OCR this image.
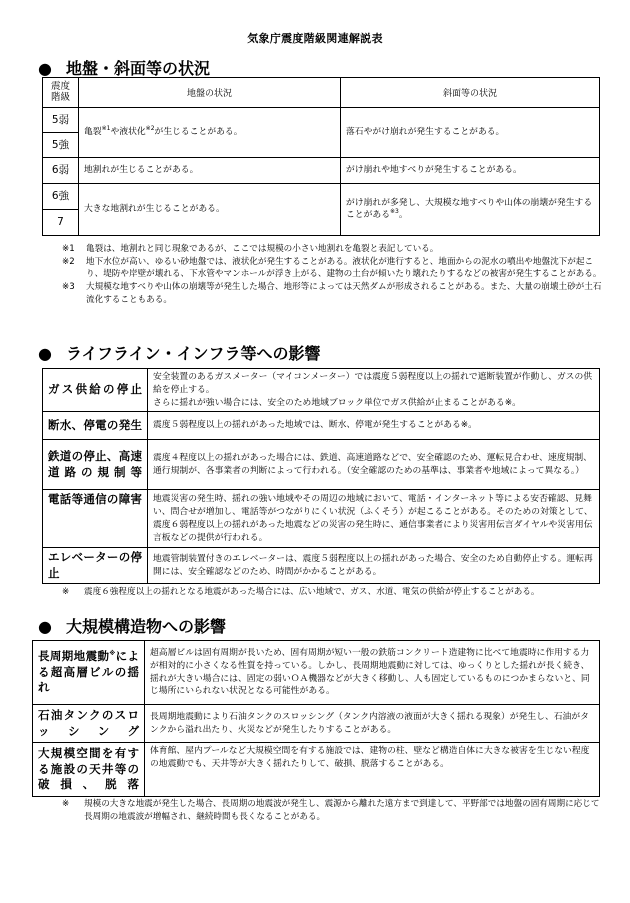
気象庁震度階級関連解説表
● 地盤・斜面等の状況
震度
階級	地盤の状況	斜面等の状況
5弱	亀裂$^{※1}$や液状化$^{※2}$が生じることがある。	落石やがけ崩れが発生することがある。
5強		
6弱	地割れが生じることがある。	がけ崩れや地すべりが発生することがある。
6強	大きな地割れが生じることがある。	がけ崩れが多発し、大規模な地すべりや山体の崩壊が発生することがある$^{※3}$。
7		
※1	亀裂は、地割れと同じ現象であるが、ここでは規模の小さい地割れを亀裂と表記している。
※2	地下水位が高い、ゆるい砂地盤では、液状化が発生することがある。液状化が進行すると、地面からの泥水の噴出や地盤沈下が起こり、堤防や岸壁が壊れる、下水管やマンホールが浮き上がる、建物の土台が傾いたり壊れたりするなどの被害が発生することがある。
※3	大規模な地すべりや山体の崩壊等が発生した場合、地形等によっては天然ダムが形成されることがある。また、大量の崩壊土砂が土石流化することもある。
● ライフライン・インフラ等への影響
ガス供給の停止	安全装置のあるガスメーター（マイコンメーター）では震度５弱程度以上の揺れで遮断装置が作動し、ガスの供給を停止する。
さらに揺れが強い場合には、安全のため地域ブロック単位でガス供給が止まることがある※。
断水、停電の発生	震度５弱程度以上の揺れがあった地域では、断水、停電が発生することがある※。
鉄道の停止、高速道路の規制等	震度４程度以上の揺れがあった場合には、鉄道、高速道路などで、安全確認のため、運転見合わせ、速度規制、通行規制が、各事業者の判断によって行われる。（安全確認のための基準は、事業者や地域によって異なる。）
電話等通信の障害	地震災害の発生時、揺れの強い地域やその周辺の地域において、電話・インターネット等による安否確認、見舞い、問合せが増加し、電話等がつながりにくい状況（ふくそう）が起こることがある。そのための対策として、震度６弱程度以上の揺れがあった地震などの災害の発生時に、通信事業者により災害用伝言ダイヤルや災害用伝言板などの提供が行われる。
エレベーターの停止	地震管制装置付きのエレベーターは、震度５弱程度以上の揺れがあった場合、安全のため自動停止する。運転再開には、安全確認などのため、時間がかかることがある。
※	震度６強程度以上の揺れとなる地震があった場合には、広い地域で、ガス、水道、電気の供給が停止することがある。
● 大規模構造物への影響
長周期地震動※による超高層ビルの揺れ	超高層ビルは固有周期が長いため、固有周期が短い一般の鉄筋コンクリート造建物に比べて地震時に作用する力が相対的に小さくなる性質を持っている。しかし、長周期地震動に対しては、ゆっくりとした揺れが長く続き、揺れが大きい場合には、固定の弱いＯＡ機器などが大きく移動し、人も固定しているものにつかまらないと、同じ場所にいられない状況となる可能性がある。
石油タンクのスロッシング	長周期地震動により石油タンクのスロッシング（タンク内溶液の液面が大きく揺れる現象）が発生し、石油がタンクから溢れ出たり、火災などが発生したりすることがある。
大規模空間を有する施設の天井等の破損、脱落	体育館、屋内プールなど大規模空間を有する施設では、建物の柱、壁など構造自体に大きな被害を生じない程度の地震動でも、天井等が大きく揺れたりして、破損、脱落することがある。
※	規模の大きな地震が発生した場合、長周期の地震波が発生し、震源から離れた遠方まで到達して、平野部では地盤の固有周期に応じて長周期の地震波が増幅され、継続時間も長くなることがある。
